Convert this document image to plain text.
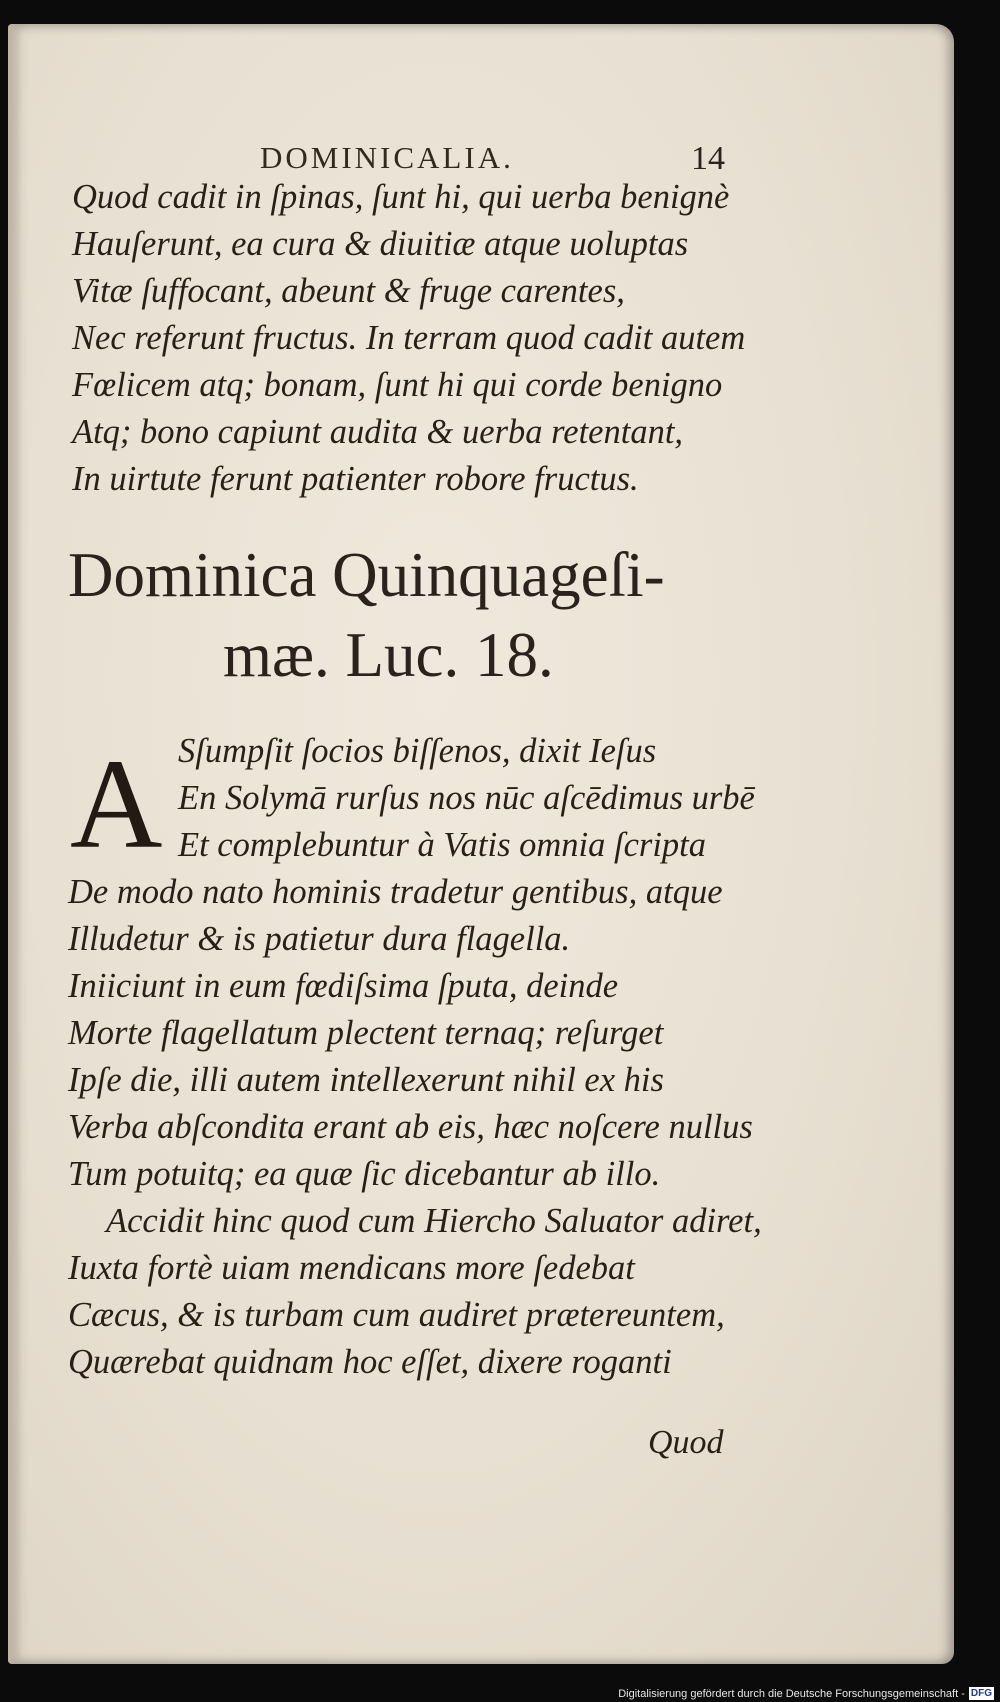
DOMINICALIA.	14
Quod cadit in ſpinas, ſunt hi, qui uerba benignè
Hauſerunt, ea cura & diuitiæ atque uoluptas
Vitæ ſuffocant, abeunt & fruge carentes,
Nec referunt fructus. In terram quod cadit autem
Fœlicem atq; bonam, ſunt hi qui corde benigno
Atq; bono capiunt audita & uerba retentant,
In uirtute ferunt patienter robore fructus.
Dominica Quinquageſi-
mæ. Luc. 18.
A Sſumpſit ſocios biſſenos, dixit Ieſus
En Solymā rurſus nos nūc aſcēdimus urbē
Et complebuntur à Vatis omnia ſcripta
De modo nato hominis tradetur gentibus, atque
Illudetur & is patietur dura flagella.
Iniiciunt in eum fœdiſsima ſputa, deinde
Morte flagellatum plectent ternaq; reſurget
Ipſe die, illi autem intellexerunt nihil ex his
Verba abſcondita erant ab eis, hæc noſcere nullus
Tum potuitq; ea quæ ſic dicebantur ab illo.
Accidit hinc quod cum Hiercho Saluator adiret,
Iuxta fortè uiam mendicans more ſedebat
Cæcus, & is turbam cum audiret prætereuntem,
Quærebat quidnam hoc eſſet, dixere roganti
Quod
Digitalisierung gefördert durch die Deutsche Forschungsgemeinschaft - DFG
